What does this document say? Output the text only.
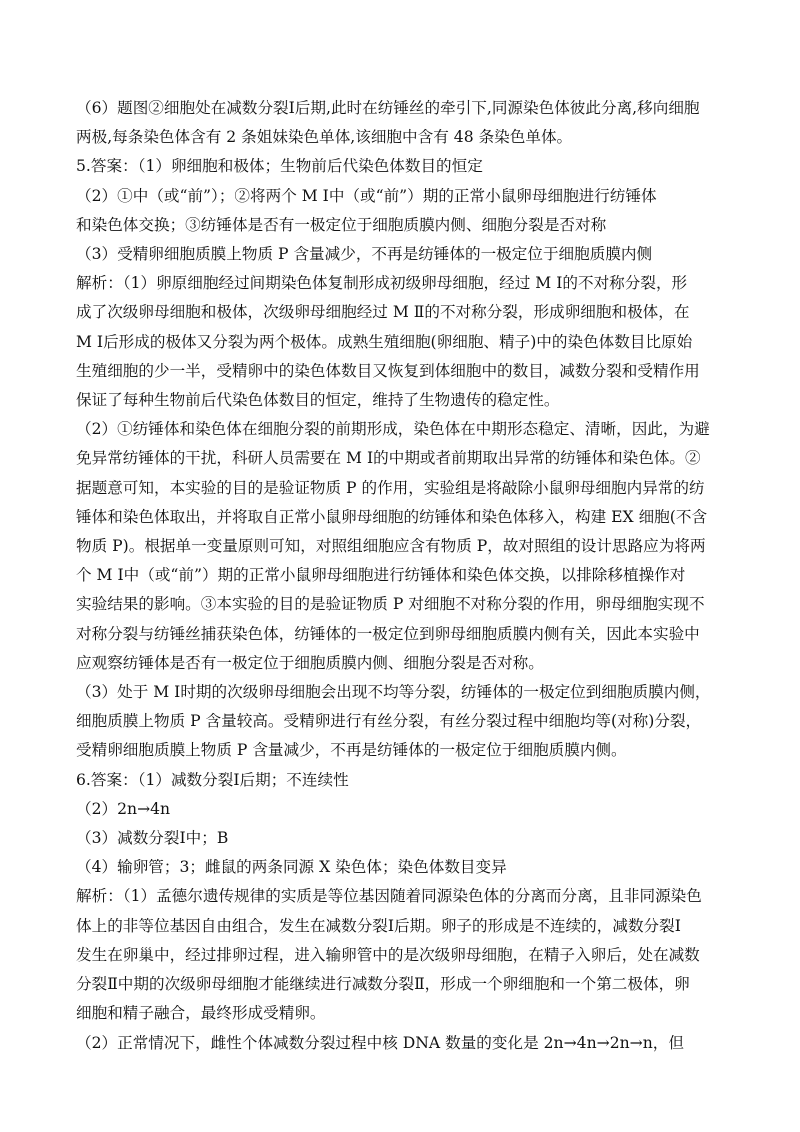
（6）题图②细胞处在减数分裂Ⅰ后期,此时在纺锤丝的牵引下,同源染色体彼此分离,移向细胞
两极,每条染色体含有 2 条姐妹染色单体,该细胞中含有 48 条染色单体。
5.答案：（1）卵细胞和极体；生物前后代染色体数目的恒定
（2）①中（或“前”）；②将两个 M Ⅰ中（或“前”）期的正常小鼠卵母细胞进行纺锤体
和染色体交换；③纺锤体是否有一极定位于细胞质膜内侧、细胞分裂是否对称
（3）受精卵细胞质膜上物质 P 含量减少，不再是纺锤体的一极定位于细胞质膜内侧
解析：（1）卵原细胞经过间期染色体复制形成初级卵母细胞，经过 M Ⅰ的不对称分裂，形
成了次级卵母细胞和极体，次级卵母细胞经过 M Ⅱ的不对称分裂，形成卵细胞和极体，在
M Ⅰ后形成的极体又分裂为两个极体。成熟生殖细胞(卵细胞、精子)中的染色体数目比原始
生殖细胞的少一半，受精卵中的染色体数目又恢复到体细胞中的数目，减数分裂和受精作用
保证了每种生物前后代染色体数目的恒定，维持了生物遗传的稳定性。
（2）①纺锤体和染色体在细胞分裂的前期形成，染色体在中期形态稳定、清晰，因此，为避
免异常纺锤体的干扰，科研人员需要在 M Ⅰ的中期或者前期取出异常的纺锤体和染色体。②
据题意可知，本实验的目的是验证物质 P 的作用，实验组是将敲除小鼠卵母细胞内异常的纺
锤体和染色体取出，并将取自正常小鼠卵母细胞的纺锤体和染色体移入，构建 EX 细胞(不含
物质 P)。根据单一变量原则可知，对照组细胞应含有物质 P，故对照组的设计思路应为将两
个 M Ⅰ中（或“前”）期的正常小鼠卵母细胞进行纺锤体和染色体交换，以排除移植操作对
实验结果的影响。③本实验的目的是验证物质 P 对细胞不对称分裂的作用，卵母细胞实现不
对称分裂与纺锤丝捕获染色体，纺锤体的一极定位到卵母细胞质膜内侧有关，因此本实验中
应观察纺锤体是否有一极定位于细胞质膜内侧、细胞分裂是否对称。
（3）处于 M Ⅰ时期的次级卵母细胞会出现不均等分裂，纺锤体的一极定位到细胞质膜内侧，
细胞质膜上物质 P 含量较高。受精卵进行有丝分裂，有丝分裂过程中细胞均等(对称)分裂，
受精卵细胞质膜上物质 P 含量减少，不再是纺锤体的一极定位于细胞质膜内侧。
6.答案：（1）减数分裂Ⅰ后期；不连续性
（2）2n→4n
（3）减数分裂Ⅰ中；B
（4）输卵管；3；雌鼠的两条同源 X 染色体；染色体数目变异
解析：（1）孟德尔遗传规律的实质是等位基因随着同源染色体的分离而分离，且非同源染色
体上的非等位基因自由组合，发生在减数分裂Ⅰ后期。卵子的形成是不连续的，减数分裂Ⅰ
发生在卵巢中，经过排卵过程，进入输卵管中的是次级卵母细胞，在精子入卵后，处在减数
分裂Ⅱ中期的次级卵母细胞才能继续进行减数分裂Ⅱ，形成一个卵细胞和一个第二极体，卵
细胞和精子融合，最终形成受精卵。
（2）正常情况下，雌性个体减数分裂过程中核 DNA 数量的变化是 2n→4n→2n→n，但
